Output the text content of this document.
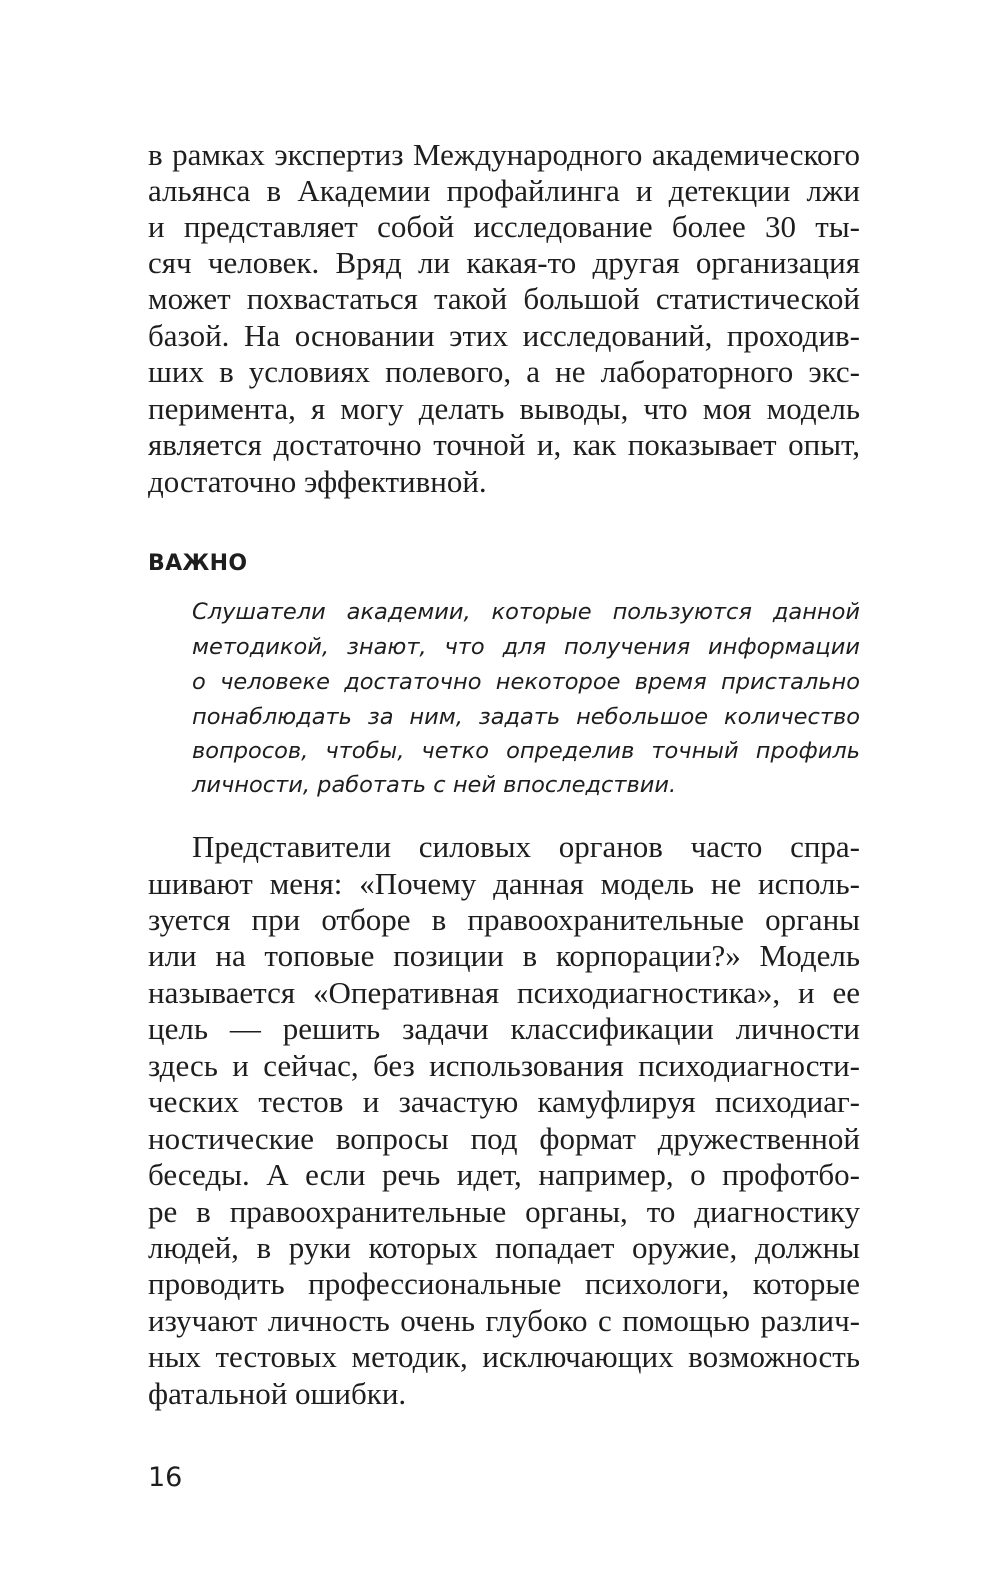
в рамках экспертиз Международного академического
альянса в Академии профайлинга и детекции лжи
и представляет собой исследование более 30 ты-
сяч человек. Вряд ли какая-то другая организация
может похвастаться такой большой статистической
базой. На основании этих исследований, проходив-
ших в условиях полевого, а не лабораторного экс-
перимента, я могу делать выводы, что моя модель
является достаточно точной и, как показывает опыт,
достаточно эффективной.
ВАЖНО
Слушатели академии, которые пользуются данной
методикой, знают, что для получения информации
о человеке достаточно некоторое время пристально
понаблюдать за ним, задать небольшое количество
вопросов, чтобы, четко определив точный профиль
личности, работать с ней впоследствии.
Представители силовых органов часто спра-
шивают меня: «Почему данная модель не исполь-
зуется при отборе в правоохранительные органы
или на топовые позиции в корпорации?» Модель
называется «Оперативная психодиагностика», и ее
цель — решить задачи классификации личности
здесь и сейчас, без использования психодиагности-
ческих тестов и зачастую камуфлируя психодиаг-
ностические вопросы под формат дружественной
беседы. А если речь идет, например, о профотбо-
ре в правоохранительные органы, то диагностику
людей, в руки которых попадает оружие, должны
проводить профессиональные психологи, которые
изучают личность очень глубоко с помощью различ-
ных тестовых методик, исключающих возможность
фатальной ошибки.
16
